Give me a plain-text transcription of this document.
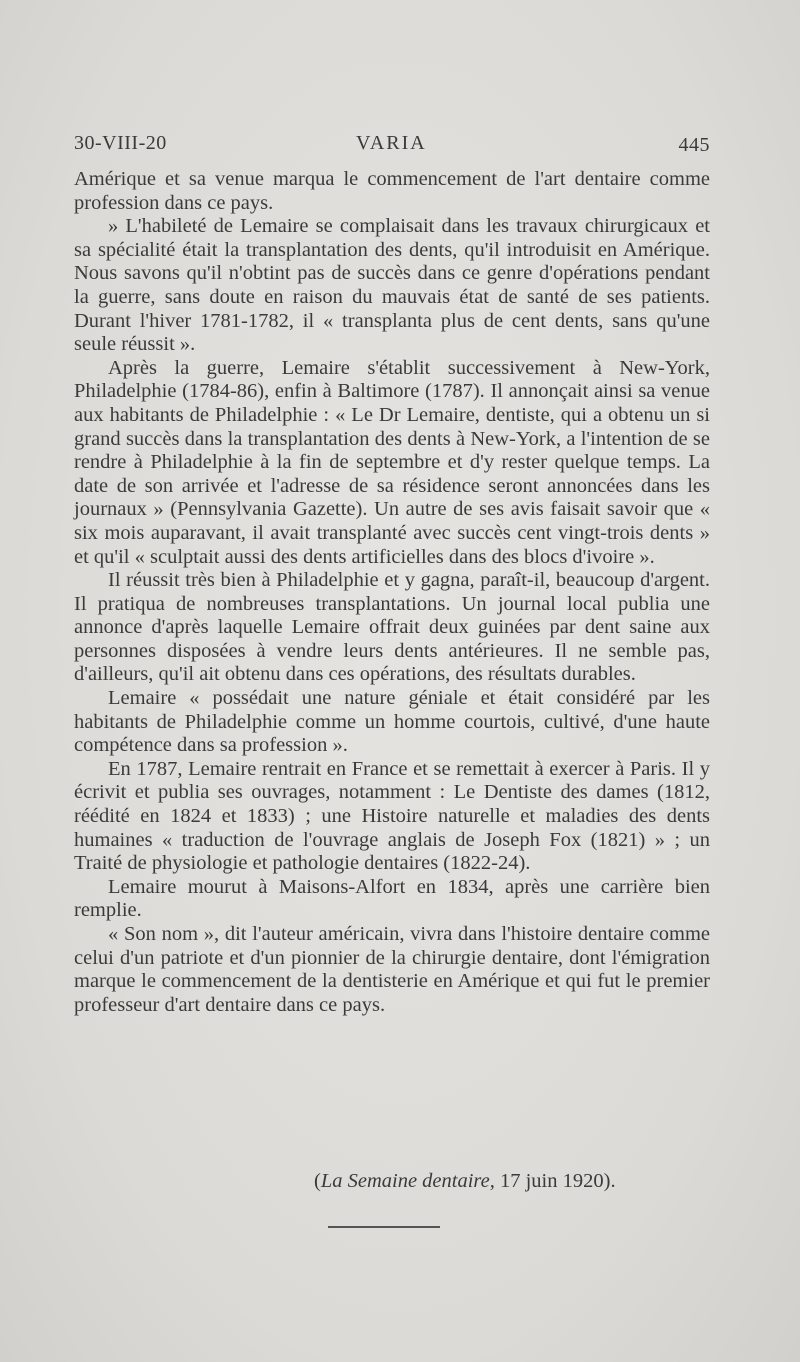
30-VIII-20	VARIA	445

Amérique et sa venue marqua le commencement de l'art dentaire comme profession dans ce pays.

» L'habileté de Lemaire se complaisait dans les travaux chirurgicaux et sa spécialité était la transplantation des dents, qu'il introduisit en Amérique. Nous savons qu'il n'obtint pas de succès dans ce genre d'opérations pendant la guerre, sans doute en raison du mauvais état de santé de ses patients. Durant l'hiver 1781-1782, il « transplanta plus de cent dents, sans qu'une seule réussit ».

Après la guerre, Lemaire s'établit successivement à New-York, Philadelphie (1784-86), enfin à Baltimore (1787). Il annonçait ainsi sa venue aux habitants de Philadelphie : « Le Dr Lemaire, dentiste, qui a obtenu un si grand succès dans la transplantation des dents à New-York, a l'intention de se rendre à Philadelphie à la fin de septembre et d'y rester quelque temps. La date de son arrivée et l'adresse de sa résidence seront annoncées dans les journaux » (Pennsylvania Gazette). Un autre de ses avis faisait savoir que « six mois auparavant, il avait transplanté avec succès cent vingt-trois dents » et qu'il « sculptait aussi des dents artificielles dans des blocs d'ivoire ».

Il réussit très bien à Philadelphie et y gagna, paraît-il, beaucoup d'argent. Il pratiqua de nombreuses transplantations. Un journal local publia une annonce d'après laquelle Lemaire offrait deux guinées par dent saine aux personnes disposées à vendre leurs dents antérieures. Il ne semble pas, d'ailleurs, qu'il ait obtenu dans ces opérations, des résultats durables.

Lemaire « possédait une nature géniale et était considéré par les habitants de Philadelphie comme un homme courtois, cultivé, d'une haute compétence dans sa profession ».

En 1787, Lemaire rentrait en France et se remettait à exercer à Paris. Il y écrivit et publia ses ouvrages, notamment : Le Dentiste des dames (1812, réédité en 1824 et 1833) ; une Histoire naturelle et maladies des dents humaines « traduction de l'ouvrage anglais de Joseph Fox (1821) » ; un Traité de physiologie et pathologie dentaires (1822-24).

Lemaire mourut à Maisons-Alfort en 1834, après une carrière bien remplie.

« Son nom », dit l'auteur américain, vivra dans l'histoire dentaire comme celui d'un patriote et d'un pionnier de la chirurgie dentaire, dont l'émigration marque le commencement de la dentisterie en Amérique et qui fut le premier professeur d'art dentaire dans ce pays.

(La Semaine dentaire, 17 juin 1920).
